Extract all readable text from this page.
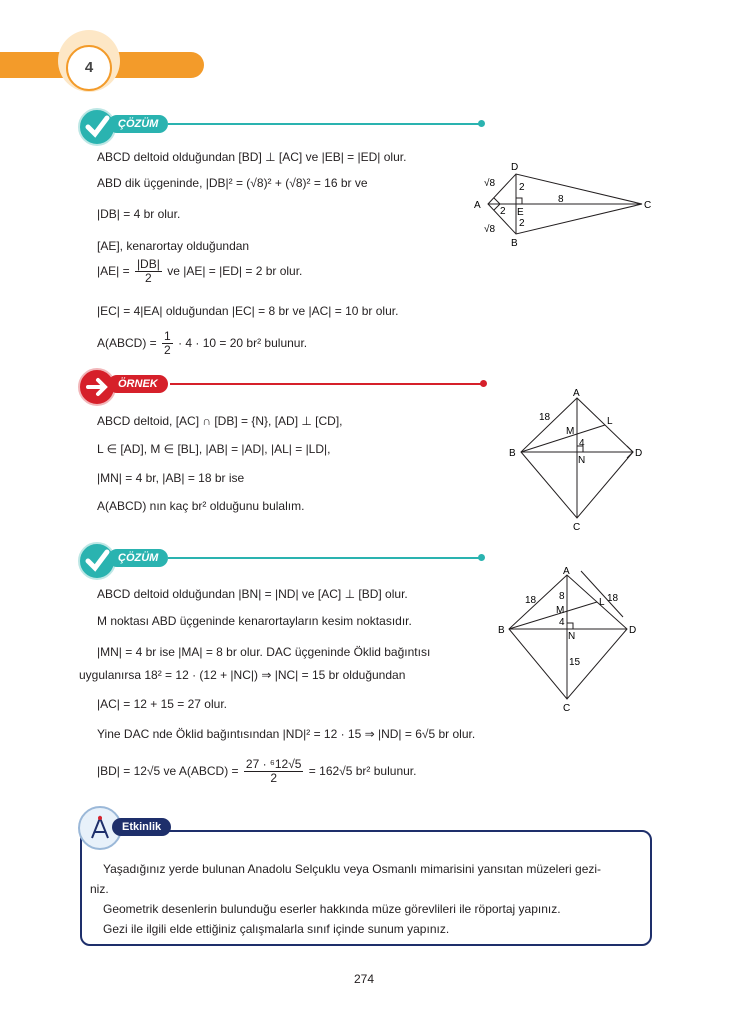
4
ÇÖZÜM
ABCD deltoid olduğundan [BD] ⊥ [AC] ve |EB| = |ED| olur.
ABD dik üçgeninde, |DB|² = (√8)² + (√8)² = 16 br ve
|DB| = 4 br olur.
[AE], kenarortay olduğundan
$|AE| = \frac{|DB|}{2}$ ve |AE| = |ED| = 2 br olur.
|EC| = 4|EA| olduğundan |EC| = 8 br ve |AC| = 10 br olur.
A(ABCD) = $\frac{1}{2} \cdot 4 \cdot 10 = 20$ br² bulunur.
A
D
C
B
E
√8
√8
2
2
2
8
ÖRNEK
ABCD deltoid, [AC] ∩ [DB] = {N}, [AD] ⊥ [CD],
L ∈ [AD], M ∈ [BL], |AB| = |AD|, |AL| = |LD|,
|MN| = 4 br, |AB| = 18 br ise
A(ABCD) nın kaç br² olduğunu bulalım.
A
B	D
C
L
M
N
18
4
ÇÖZÜM
ABCD deltoid olduğundan |BN| = |ND| ve [AC] ⊥ [BD] olur.
M noktası ABD üçgeninde kenarortayların kesim noktasıdır.
|MN| = 4 br ise |MA| = 8 br olur. DAC üçgeninde Öklid bağıntısı
uygulanırsa 18² = 12 · (12 + |NC|) ⇒ |NC| = 15 br olduğundan
|AC| = 12 + 15 = 27 olur.
Yine DAC nde Öklid bağıntısından |ND|² = 12 · 15 ⇒ |ND| = 6√5 br olur.
|BD| = 12√5 ve A(ABCD) = $\frac{\text{27 · ⁶12√5}}{2} = 162√5$ br² bulunur.
A
B	D
C
L
M
N
18	18
8
4
15
Etkinlik
Yaşadığınız yerde bulunan Anadolu Selçuklu veya Osmanlı mimarisini yansıtan müzeleri gezi-
niz.
Geometrik desenlerin bulunduğu eserler hakkında müze görevlileri ile röportaj yapınız.
Gezi ile ilgili elde ettiğiniz çalışmalarla sınıf içinde sunum yapınız.
274
